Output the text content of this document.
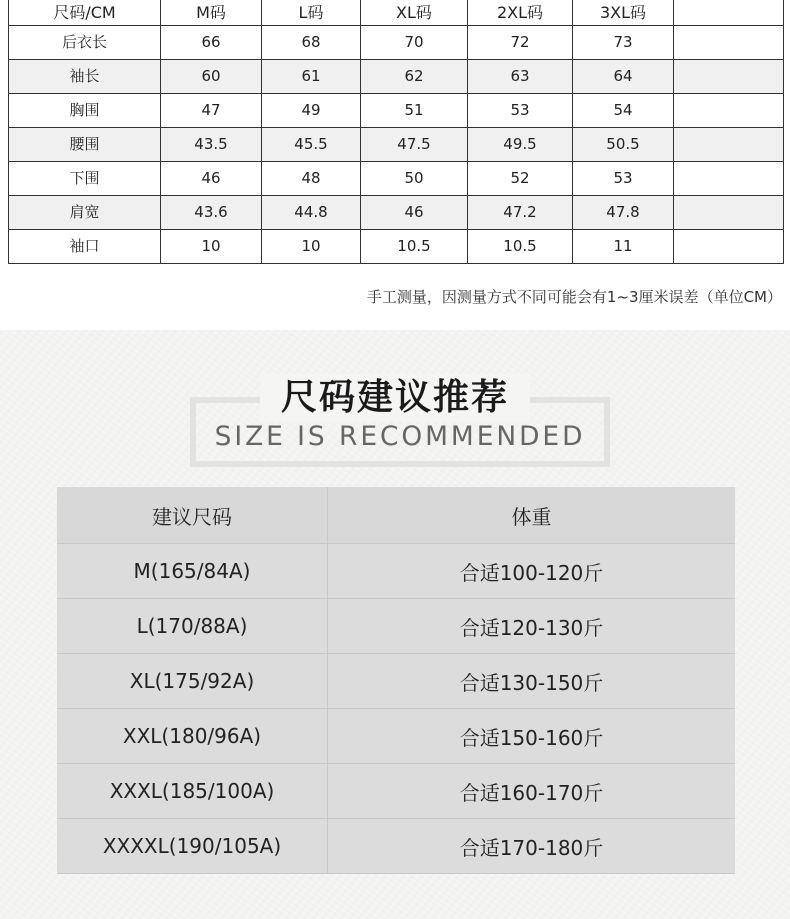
尺码/CM	M码	L码	XL码	2XL码	3XL码	
后衣长	66	68	70	72	73	
袖长	60	61	62	63	64	
胸围	47	49	51	53	54	
腰围	43.5	45.5	47.5	49.5	50.5	
下围	46	48	50	52	53	
肩宽	43.6	44.8	46	47.2	47.8	
袖口	10	10	10.5	10.5	11	
手工测量，因测量方式不同可能会有1~3厘米误差（单位CM）
尺码建议推荐
SIZE IS RECOMMENDED
建议尺码	体重
M(165/84A)	合适100-120斤
L(170/88A)	合适120-130斤
XL(175/92A)	合适130-150斤
XXL(180/96A)	合适150-160斤
XXXL(185/100A)	合适160-170斤
XXXXL(190/105A)	合适170-180斤
